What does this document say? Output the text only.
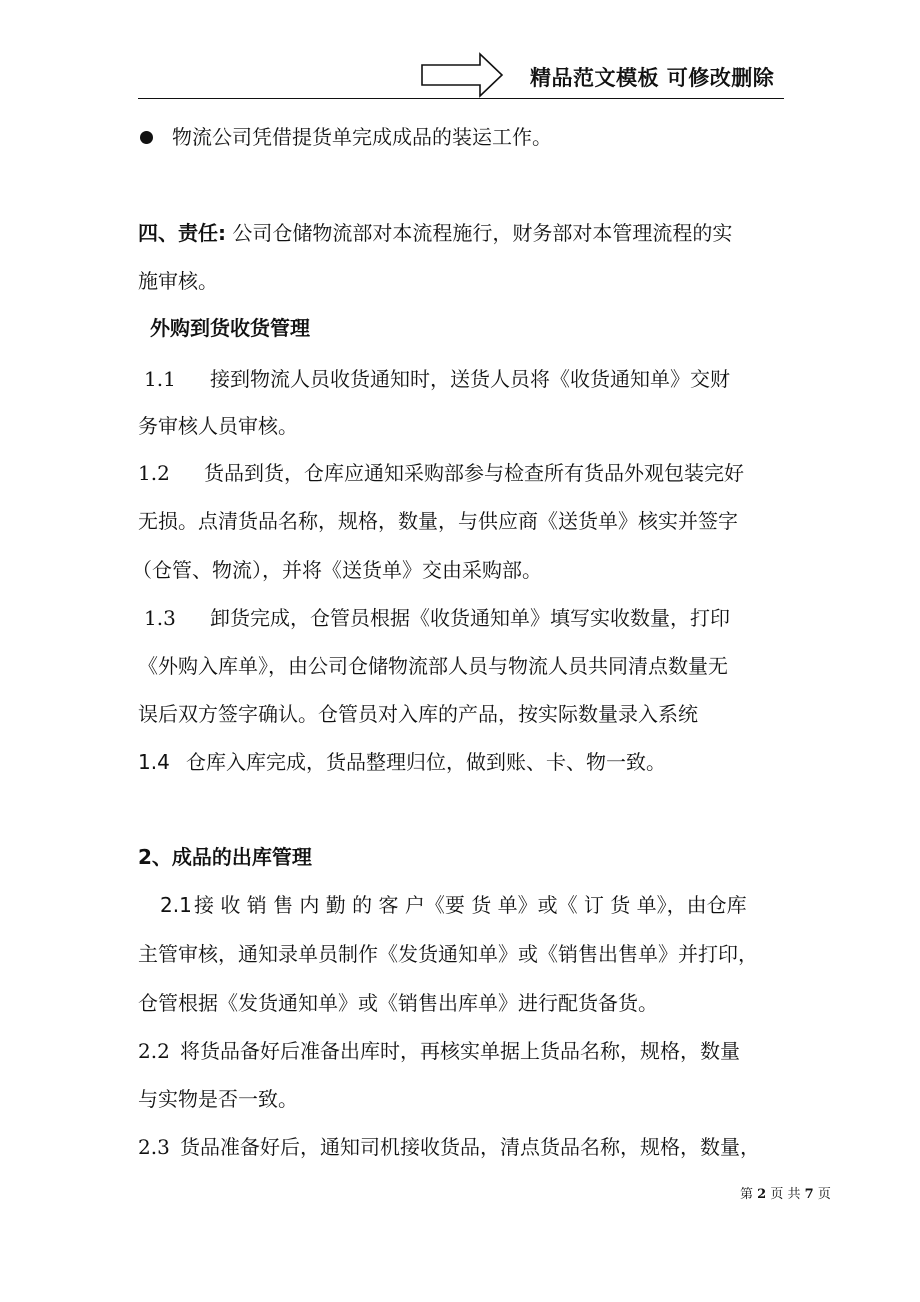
精品范文模板 可修改删除
物流公司凭借提货单完成成品的装运工作。
四、责任: 公司仓储物流部对本流程施行，财务部对本管理流程的实
施审核。
外购到货收货管理
1.1 接到物流人员收货通知时，送货人员将《收货通知单》交财
务审核人员审核。
1.2 货品到货，仓库应通知采购部参与检查所有货品外观包装完好
无损。点清货品名称，规格，数量，与供应商《送货单》核实并签字
（仓管、物流），并将《送货单》交由采购部。
1.3 卸货完成，仓管员根据《收货通知单》填写实收数量，打印
《外购入库单》，由公司仓储物流部人员与物流人员共同清点数量无
误后双方签字确认。仓管员对入库的产品，按实际数量录入系统
1.4 仓库入库完成，货品整理归位，做到账、卡、物一致。
2、成品的出库管理
2.1 接 收 销 售 内 勤 的 客 户《要 货 单》或《 订 货 单》，由仓库
主管审核，通知录单员制作《发货通知单》或《销售出售单》并打印，
仓管根据《发货通知单》或《销售出库单》进行配货备货。
2.2 将货品备好后准备出库时，再核实单据上货品名称，规格，数量
与实物是否一致。
2.3 货品准备好后，通知司机接收货品，清点货品名称，规格，数量，
第 2 页 共 7 页
